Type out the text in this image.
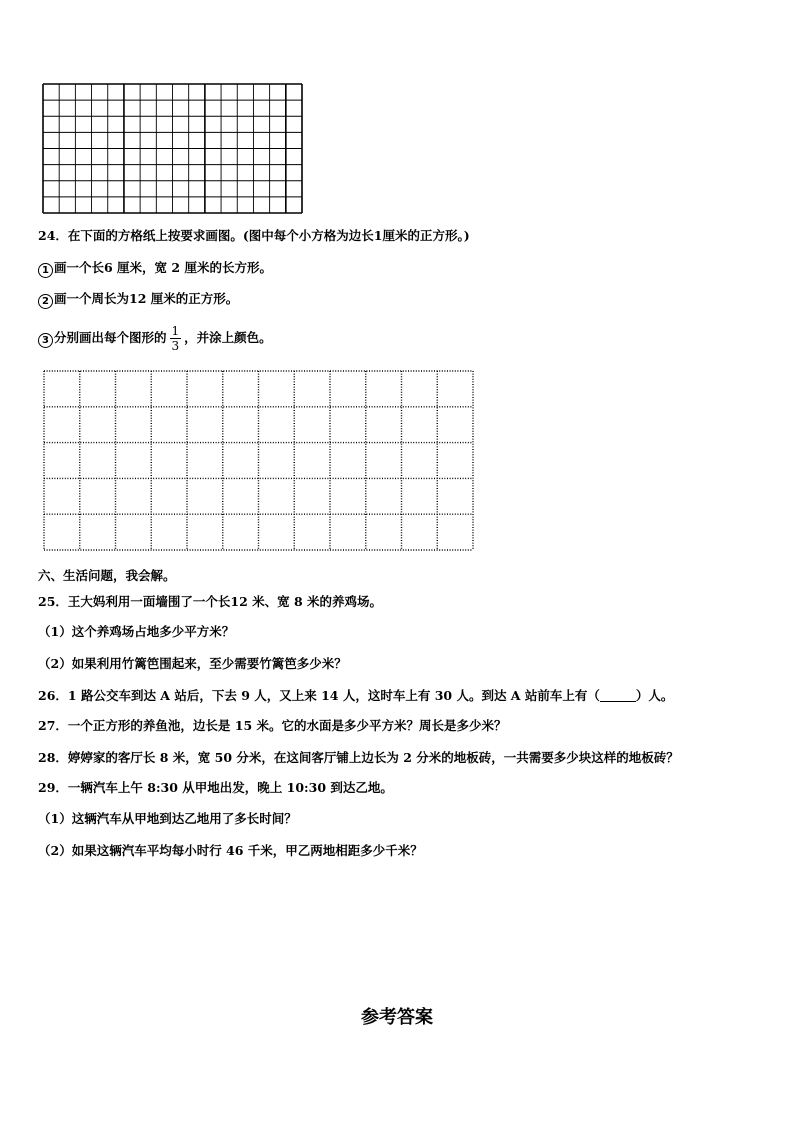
24．在下面的方格纸上按要求画图。(图中每个小方格为边长1厘米的正方形。)
1 画一个长6 厘米，宽 2 厘米的长方形。
2 画一个周长为12 厘米的正方形。
3 分别画出每个图形的 $\frac{1}{3}$ ，并涂上颜色。
六、生活问题，我会解。
25．王大妈利用一面墙围了一个长12 米、宽 8 米的养鸡场。
（1）这个养鸡场占地多少平方米？
（2）如果利用竹篱笆围起来，至少需要竹篱笆多少米？
26．1 路公交车到达 A 站后，下去 9 人，又上来 14 人，这时车上有 30 人。到达 A 站前车上有（	）人。
27．一个正方形的养鱼池，边长是 15 米。它的水面是多少平方米？周长是多少米？
28．婷婷家的客厅长 8 米，宽 50 分米，在这间客厅铺上边长为 2 分米的地板砖，一共需要多少块这样的地板砖？
29．一辆汽车上午 8:30 从甲地出发，晚上 10:30 到达乙地。
（1）这辆汽车从甲地到达乙地用了多长时间？
（2）如果这辆汽车平均每小时行 46 千米，甲乙两地相距多少千米？
参考答案
